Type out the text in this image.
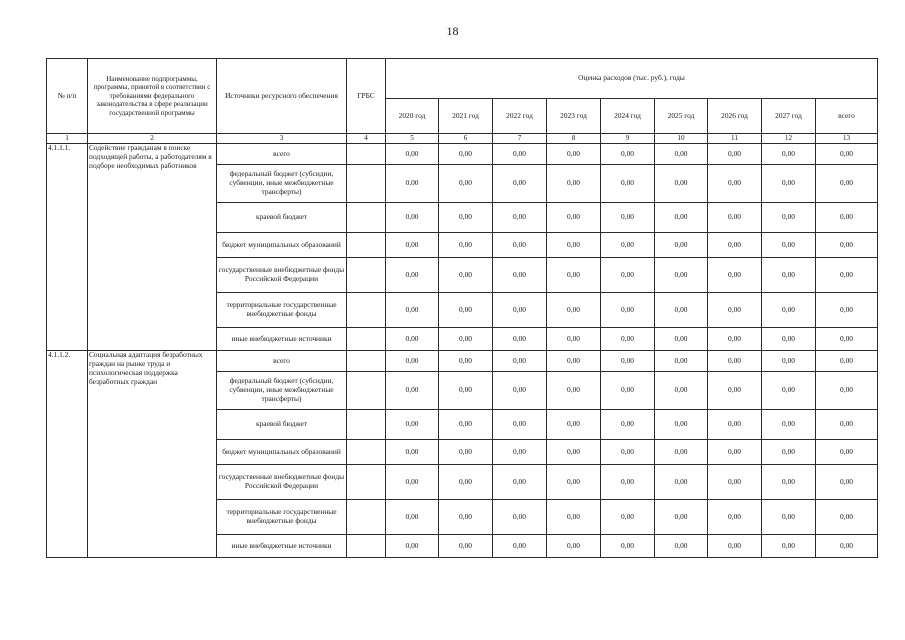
18
№ п/п	Наименование подпрограммы, программы, принятой в соответствии с требованиями федерального законодательства в сфере реализации государственной программы	Источники ресурсного обеспечения	ГРБС	Оценка расходов (тыс. руб.), годы								
				2020 год	2021 год	2022 год	2023 год	2024 год	2025 год	2026 год	2027 год	всего
1	2	3	4	5	6	7	8	9	10	11	12	13
4.1.1.1.	Содействие гражданам в поиске подходящей работы, а работодателям в подборе необходимых работников	всего		0,00	0,00	0,00	0,00	0,00	0,00	0,00	0,00	0,00
		федеральный бюджет (субсидии, субвенции, иные межбюджетные трансферты)		0,00	0,00	0,00	0,00	0,00	0,00	0,00	0,00	0,00
		краевой бюджет		0,00	0,00	0,00	0,00	0,00	0,00	0,00	0,00	0,00
		бюджет муниципальных образований		0,00	0,00	0,00	0,00	0,00	0,00	0,00	0,00	0,00
		государственные внебюджетные фонды Российской Федерации		0,00	0,00	0,00	0,00	0,00	0,00	0,00	0,00	0,00
		территориальные государственные внебюджетные фонды		0,00	0,00	0,00	0,00	0,00	0,00	0,00	0,00	0,00
		иные внебюджетные источники		0,00	0,00	0,00	0,00	0,00	0,00	0,00	0,00	0,00
4.1.1.2.	Социальная адаптация безработных граждан на рынке труда и психологическая поддержка безработных граждан	всего		0,00	0,00	0,00	0,00	0,00	0,00	0,00	0,00	0,00
		федеральный бюджет (субсидии, субвенции, иные межбюджетные трансферты)		0,00	0,00	0,00	0,00	0,00	0,00	0,00	0,00	0,00
		краевой бюджет		0,00	0,00	0,00	0,00	0,00	0,00	0,00	0,00	0,00
		бюджет муниципальных образований		0,00	0,00	0,00	0,00	0,00	0,00	0,00	0,00	0,00
		государственные внебюджетные фонды Российской Федерации		0,00	0,00	0,00	0,00	0,00	0,00	0,00	0,00	0,00
		территориальные государственные внебюджетные фонды		0,00	0,00	0,00	0,00	0,00	0,00	0,00	0,00	0,00
		иные внебюджетные источники		0,00	0,00	0,00	0,00	0,00	0,00	0,00	0,00	0,00
